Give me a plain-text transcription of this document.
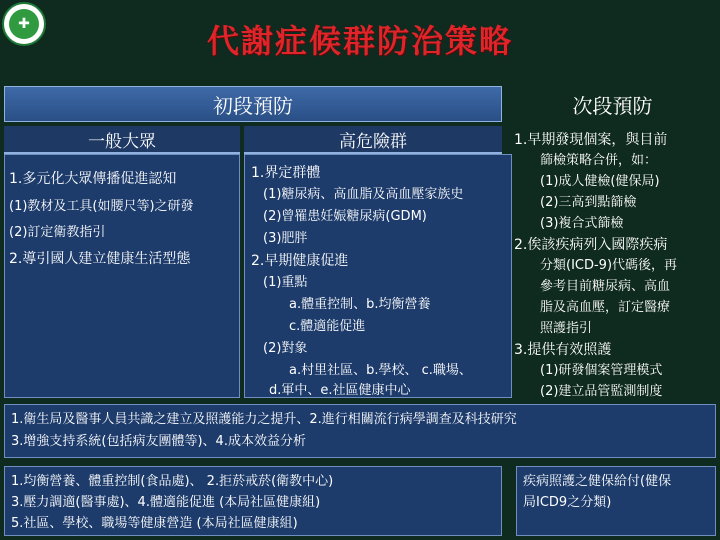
✚	代謝症候群防治策略
初段預防	次段預防
一般大眾	高危險群
1.多元化大眾傳播促進認知
(1)教材及工具(如腰尺等)之研發
(2)訂定衛教指引
2.導引國人建立健康生活型態
1.界定群體
(1)糖尿病、高血脂及高血壓家族史
(2)曾罹患妊娠糖尿病(GDM)
(3)肥胖
2.早期健康促進
(1)重點
a.體重控制、b.均衡營養
c.體適能促進
(2)對象
a.村里社區、b.學校、 c.職場、
d.軍中、e.社區健康中心
1.早期發現個案，與目前
篩檢策略合併，如：
(1)成人健檢(健保局)
(2)三高到點篩檢
(3)複合式篩檢
2.俟該疾病列入國際疾病
分類(ICD-9)代碼後，再
參考目前糖尿病、高血
脂及高血壓，訂定醫療
照護指引
3.提供有效照護
(1)研發個案管理模式
(2)建立品管監測制度
1.衛生局及醫事人員共識之建立及照護能力之提升、2.進行相關流行病學調查及科技研究
3.增強支持系統(包括病友團體等)、4.成本效益分析
1.均衡營養、體重控制(食品處)、 2.拒菸戒菸(衛教中心)
3.壓力調適(醫事處)、4.體適能促進 (本局社區健康組)
5.社區、學校、職場等健康營造 (本局社區健康組)
疾病照護之健保給付(健保
局ICD9之分類)
